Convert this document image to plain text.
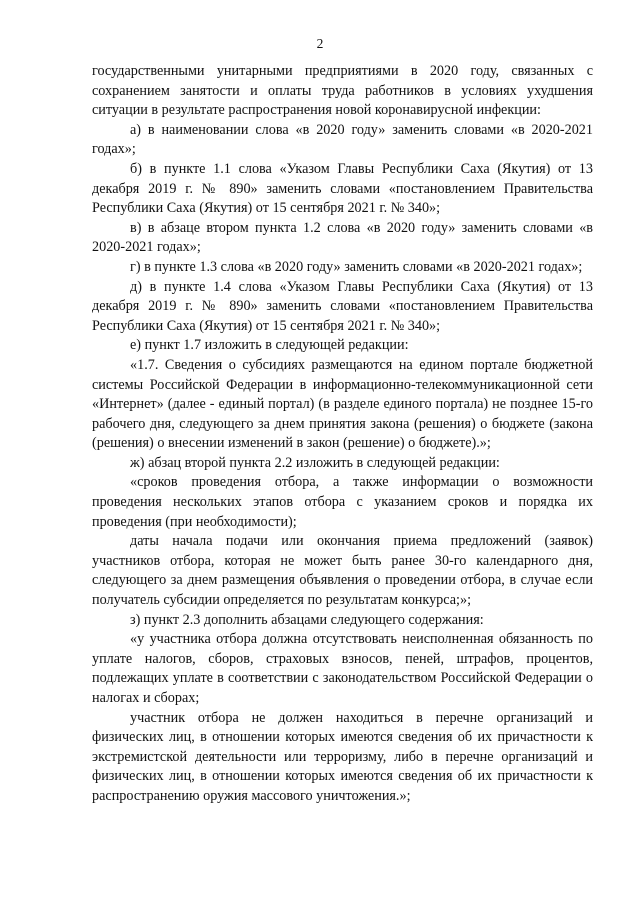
2

государственными унитарными предприятиями в 2020 году, связанных с сохранением занятости и оплаты труда работников в условиях ухудшения ситуации в результате распространения новой коронавирусной инфекции:

а) в наименовании слова «в 2020 году» заменить словами «в 2020-2021 годах»;

б) в пункте 1.1 слова «Указом Главы Республики Саха (Якутия) от 13 декабря 2019 г. № 890» заменить словами «постановлением Правительства Республики Саха (Якутия) от 15 сентября 2021 г. № 340»;

в) в абзаце втором пункта 1.2 слова «в 2020 году» заменить словами «в 2020-2021 годах»;

г) в пункте 1.3 слова «в 2020 году» заменить словами «в 2020-2021 годах»;

д) в пункте 1.4 слова «Указом Главы Республики Саха (Якутия) от 13 декабря 2019 г. № 890» заменить словами «постановлением Правительства Республики Саха (Якутия) от 15 сентября 2021 г. № 340»;

е) пункт 1.7 изложить в следующей редакции:

«1.7. Сведения о субсидиях размещаются на едином портале бюджетной системы Российской Федерации в информационно-телекоммуникационной сети «Интернет» (далее - единый портал) (в разделе единого портала) не позднее 15-го рабочего дня, следующего за днем принятия закона (решения) о бюджете (закона (решения) о внесении изменений в закон (решение) о бюджете).»;

ж) абзац второй пункта 2.2 изложить в следующей редакции:

«сроков проведения отбора, а также информации о возможности проведения нескольких этапов отбора с указанием сроков и порядка их проведения (при необходимости);

даты начала подачи или окончания приема предложений (заявок) участников отбора, которая не может быть ранее 30-го календарного дня, следующего за днем размещения объявления о проведении отбора, в случае если получатель субсидии определяется по результатам конкурса;»;

з) пункт 2.3 дополнить абзацами следующего содержания:

«у участника отбора должна отсутствовать неисполненная обязанность по уплате налогов, сборов, страховых взносов, пеней, штрафов, процентов, подлежащих уплате в соответствии с законодательством Российской Федерации о налогах и сборах;

участник отбора не должен находиться в перечне организаций и физических лиц, в отношении которых имеются сведения об их причастности к экстремистской деятельности или терроризму, либо в перечне организаций и физических лиц, в отношении которых имеются сведения об их причастности к распространению оружия массового уничтожения.»;
